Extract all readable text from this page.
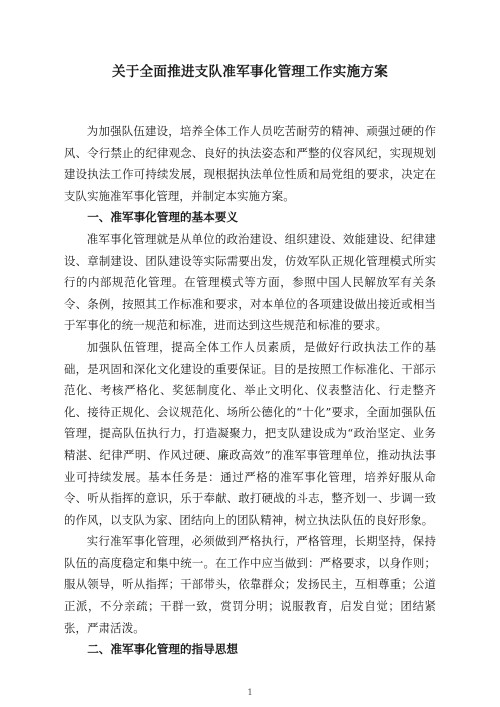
关于全面推进支队准军事化管理工作实施方案

为加强队伍建设，培养全体工作人员吃苦耐劳的精神、顽强过硬的作风、令行禁止的纪律观念、良好的执法姿态和严整的仪容风纪，实现规划建设执法工作可持续发展，现根据执法单位性质和局党组的要求，决定在支队实施准军事化管理，并制定本实施方案。

一、准军事化管理的基本要义

准军事化管理就是从单位的政治建设、组织建设、效能建设、纪律建设、章制建设、团队建设等实际需要出发，仿效军队正规化管理模式所实行的内部规范化管理。在管理模式等方面，参照中国人民解放军有关条令、条例，按照其工作标准和要求，对本单位的各项建设做出接近或相当于军事化的统一规范和标准，进而达到这些规范和标准的要求。

加强队伍管理，提高全体工作人员素质，是做好行政执法工作的基础，是巩固和深化文化建设的重要保证。目的是按照工作标准化、干部示范化、考核严格化、奖惩制度化、举止文明化、仪表整洁化、行走整齐化、接待正规化、会议规范化、场所公德化的“十化”要求，全面加强队伍管理，提高队伍执行力，打造凝聚力，把支队建设成为“政治坚定、业务精湛、纪律严明、作风过硬、廉政高效”的准军事管理单位，推动执法事业可持续发展。基本任务是：通过严格的准军事化管理，培养好服从命令、听从指挥的意识，乐于奉献、敢打硬战的斗志，整齐划一、步调一致的作风，以支队为家、团结向上的团队精神，树立执法队伍的良好形象。

实行准军事化管理，必须做到严格执行，严格管理，长期坚持，保持队伍的高度稳定和集中统一。在工作中应当做到：严格要求，以身作则；服从领导，听从指挥；干部带头，依靠群众；发扬民主，互相尊重；公道正派，不分亲疏；干群一致，赏罚分明；说服教育，启发自觉；团结紧张，严肃活泼。

二、准军事化管理的指导思想

1
